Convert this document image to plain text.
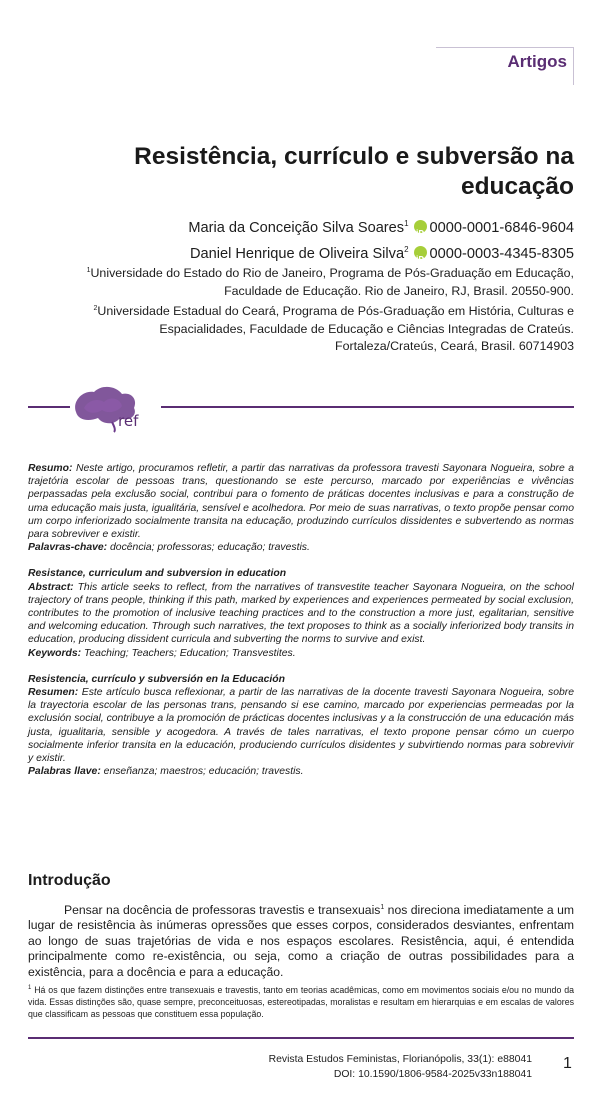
Artigos
Resistência, currículo e subversão na educação
Maria da Conceição Silva Soares$^1$ iD 0000-0001-6846-9604
Daniel Henrique de Oliveira Silva$^2$ iD 0000-0003-4345-8305
$^1$Universidade do Estado do Rio de Janeiro, Programa de Pós-Graduação em Educação, Faculdade de Educação. Rio de Janeiro, RJ, Brasil. 20550-900.
$^2$Universidade Estadual do Ceará, Programa de Pós-Graduação em História, Culturas e Espacialidades, Faculdade de Educação e Ciências Integradas de Crateús. Fortaleza/Crateús, Ceará, Brasil. 60714903
ref

Resumo: Neste artigo, procuramos refletir, a partir das narrativas da professora travesti Sayonara Nogueira, sobre a trajetória escolar de pessoas trans, questionando se este percurso, marcado por experiências e vivências perpassadas pela exclusão social, contribui para o fomento de práticas docentes inclusivas e para a construção de uma educação mais justa, igualitária, sensível e acolhedora. Por meio de suas narrativas, o texto propõe pensar como um corpo inferiorizado socialmente transita na educação, produzindo currículos dissidentes e subvertendo as normas para sobreviver e existir.

Palavras-chave: docência; professoras; educação; travestis.

Resistance, curriculum and subversion in education

Abstract: This article seeks to reflect, from the narratives of transvestite teacher Sayonara Nogueira, on the school trajectory of trans people, thinking if this path, marked by experiences and experiences permeated by social exclusion, contributes to the promotion of inclusive teaching practices and to the construction a more just, egalitarian, sensitive and welcoming education. Through such narratives, the text proposes to think as a socially inferiorized body transits in education, producing dissident curricula and subverting the norms to survive and exist.

Keywords: Teaching; Teachers; Education; Transvestites.

Resistencia, currículo y subversión en la Educación

Resumen: Este artículo busca reflexionar, a partir de las narrativas de la docente travesti Sayonara Nogueira, sobre la trayectoria escolar de las personas trans, pensando si ese camino, marcado por experiencias permeadas por la exclusión social, contribuye a la promoción de prácticas docentes inclusivas y a la construcción de una educación más justa, igualitaria, sensible y acogedora. A través de tales narrativas, el texto propone pensar cómo un cuerpo socialmente inferior transita en la educación, produciendo currículos disidentes y subvirtiendo normas para sobrevivir y existir.

Palabras llave: enseñanza; maestros; educación; travestis.

Introdução

Pensar na docência de professoras travestis e transexuais$^1$ nos direciona imediatamente a um lugar de resistência às inúmeras opressões que esses corpos, considerados desviantes, enfrentam ao longo de suas trajetórias de vida e nos espaços escolares. Resistência, aqui, é entendida principalmente como re-existência, ou seja, como a criação de outras possibilidades para a existência, para a docência e para a educação.

$^1$ Há os que fazem distinções entre transexuais e travestis, tanto em teorias acadêmicas, como em movimentos sociais e/ou no mundo da vida. Essas distinções são, quase sempre, preconceituosas, estereotipadas, moralistas e resultam em hierarquias e em escalas de valores que classificam as pessoas que constituem essa população.

Revista Estudos Feministas, Florianópolis, 33(1): e88041
DOI: 10.1590/1806-9584-2025v33n188041
1
